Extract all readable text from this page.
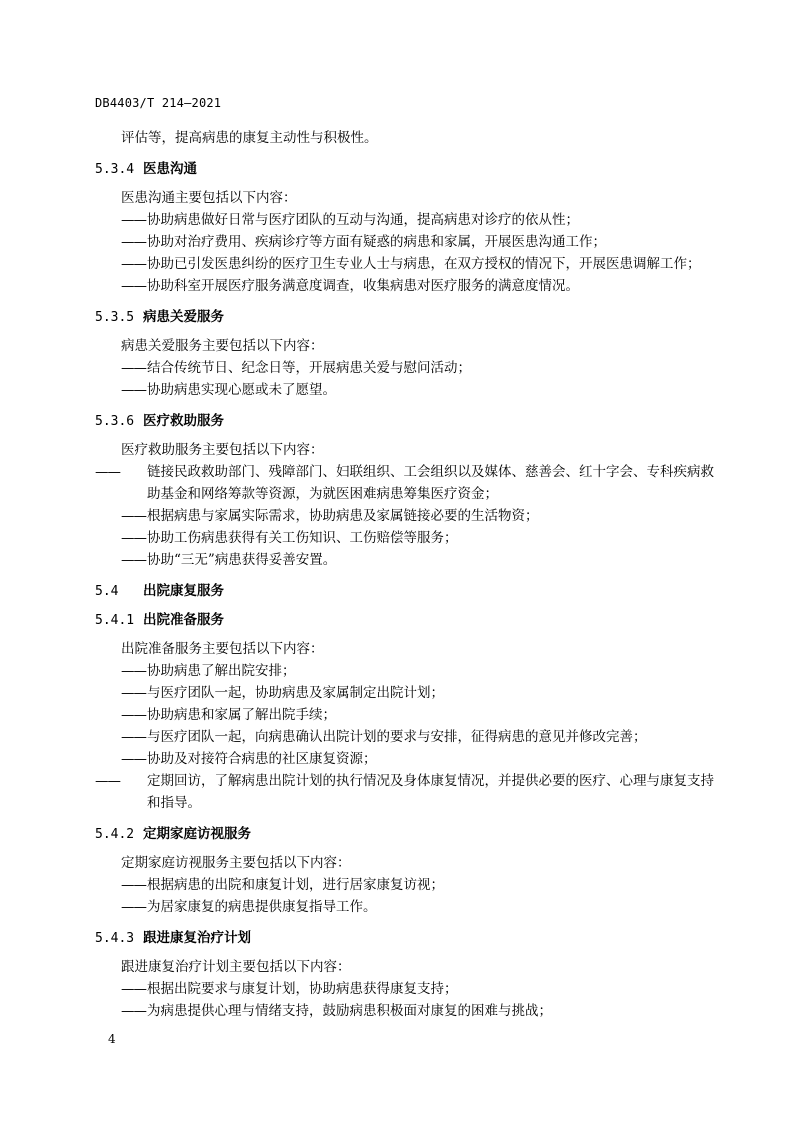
DB4403/T 214—2021
评估等，提高病患的康复主动性与积极性。
5.3.4 医患沟通
医患沟通主要包括以下内容：
——协助病患做好日常与医疗团队的互动与沟通，提高病患对诊疗的依从性；
——协助对治疗费用、疾病诊疗等方面有疑惑的病患和家属，开展医患沟通工作；
——协助已引发医患纠纷的医疗卫生专业人士与病患，在双方授权的情况下，开展医患调解工作；
——协助科室开展医疗服务满意度调查，收集病患对医疗服务的满意度情况。
5.3.5 病患关爱服务
病患关爱服务主要包括以下内容：
——结合传统节日、纪念日等，开展病患关爱与慰问活动；
——协助病患实现心愿或未了愿望。
5.3.6 医疗救助服务
医疗救助服务主要包括以下内容：
—— 链接民政救助部门、残障部门、妇联组织、工会组织以及媒体、慈善会、红十字会、专科疾病救助基金和网络筹款等资源，为就医困难病患筹集医疗资金；
——根据病患与家属实际需求，协助病患及家属链接必要的生活物资；
——协助工伤病患获得有关工伤知识、工伤赔偿等服务；
——协助“三无”病患获得妥善安置。
5.4 出院康复服务
5.4.1 出院准备服务
出院准备服务主要包括以下内容：
——协助病患了解出院安排；
——与医疗团队一起，协助病患及家属制定出院计划；
——协助病患和家属了解出院手续；
——与医疗团队一起，向病患确认出院计划的要求与安排，征得病患的意见并修改完善；
——协助及对接符合病患的社区康复资源；
—— 定期回访，了解病患出院计划的执行情况及身体康复情况，并提供必要的医疗、心理与康复支持和指导。
5.4.2 定期家庭访视服务
定期家庭访视服务主要包括以下内容：
——根据病患的出院和康复计划，进行居家康复访视；
——为居家康复的病患提供康复指导工作。
5.4.3 跟进康复治疗计划
跟进康复治疗计划主要包括以下内容：
——根据出院要求与康复计划，协助病患获得康复支持；
——为病患提供心理与情绪支持，鼓励病患积极面对康复的困难与挑战；
4
